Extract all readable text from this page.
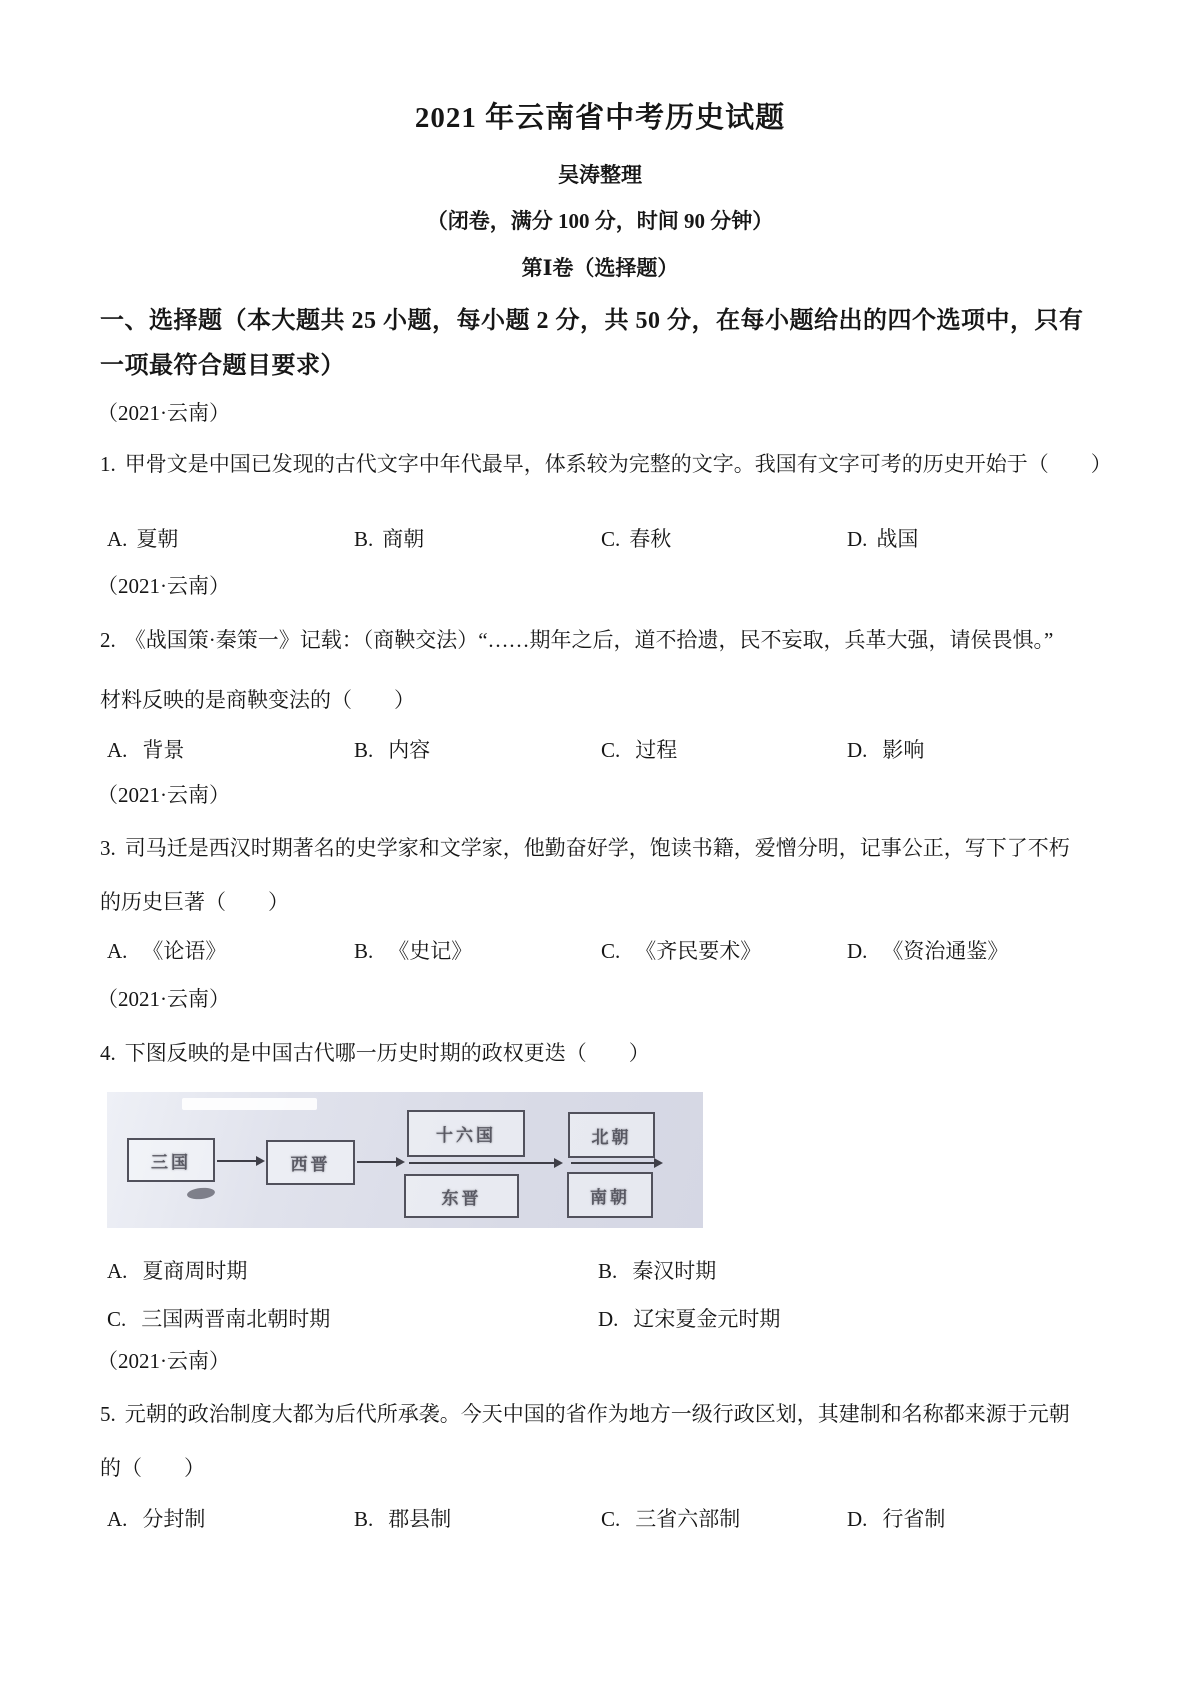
2021 年云南省中考历史试题
吴涛整理
（闭卷，满分 100 分，时间 90 分钟）
第Ⅰ卷（选择题）
一、选择题（本大题共 25 小题，每小题 2 分，共 50 分，在每小题给出的四个选项中，只有
一项最符合题目要求）
（2021·云南）
1. 甲骨文是中国已发现的古代文字中年代最早，体系较为完整的文字。我国有文字可考的历史开始于（　　）
A. 夏朝	B. 商朝	C. 春秋	D. 战国
（2021·云南）
2. 《战国策·秦策一》记载：（商鞅交法）“……期年之后，道不拾遗，民不妄取，兵革大强，请侯畏惧。”
材料反映的是商鞅变法的（　　）
A. 背景	B. 内容	C. 过程	D. 影响
（2021·云南）
3. 司马迁是西汉时期著名的史学家和文学家，他勤奋好学，饱读书籍，爱憎分明，记事公正，写下了不朽
的历史巨著（　　）
A. 《论语》	B. 《史记》	C. 《齐民要术》	D. 《资治通鉴》
（2021·云南）
4. 下图反映的是中国古代哪一历史时期的政权更迭（　　）
三国	西晋
十六国
东晋
北朝
南朝
A. 夏商周时期	B. 秦汉时期
C. 三国两晋南北朝时期	D. 辽宋夏金元时期
（2021·云南）
5. 元朝的政治制度大都为后代所承袭。今天中国的省作为地方一级行政区划，其建制和名称都来源于元朝
的（　　）
A. 分封制	B. 郡县制	C. 三省六部制	D. 行省制
